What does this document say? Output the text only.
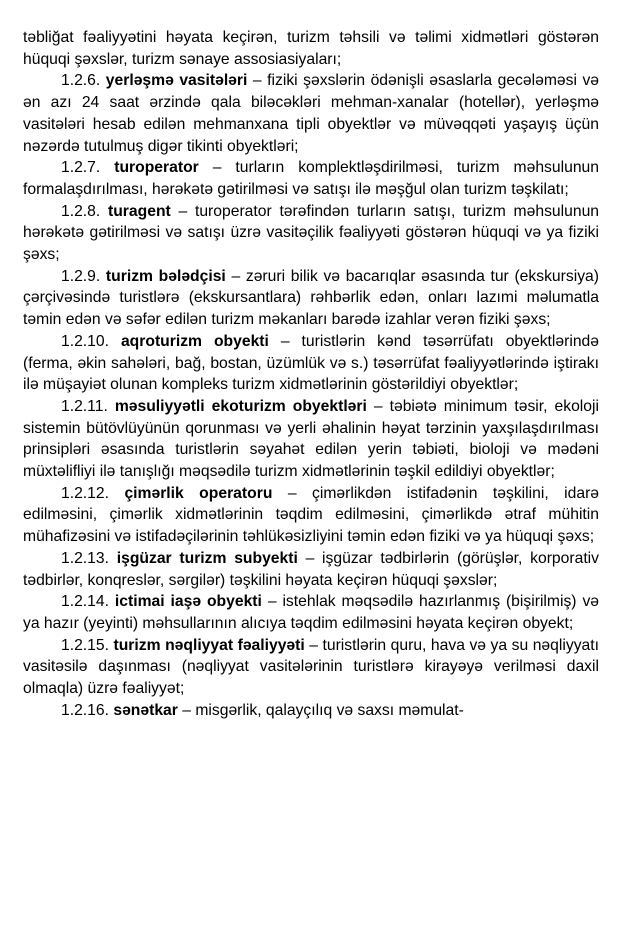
təbliğat fəaliyyətini həyata keçirən, turizm təhsili və təlimi xidmətləri göstərən hüquqi şəxslər, turizm sənaye assosiasiyaları;

1.2.6. yerləşmə vasitələri – fiziki şəxslərin ödənişli əsaslarla gecələməsi və ən azı 24 saat ərzində qala biləcəkləri mehman-xanalar (hotellər), yerləşmə vasitələri hesab edilən mehmanxana tipli obyektlər və müvəqqəti yaşayış üçün nəzərdə tutulmuş digər tikinti obyektləri;

1.2.7. turoperator – turların komplektləşdirilməsi, turizm məhsulunun formalaşdırılması, hərəkətə gətirilməsi və satışı ilə məşğul olan turizm təşkilatı;

1.2.8. turagent – turoperator tərəfindən turların satışı, turizm məhsulunun hərəkətə gətirilməsi və satışı üzrə vasitəçilik fəaliyyəti göstərən hüquqi və ya fiziki şəxs;

1.2.9. turizm bələdçisi – zəruri bilik və bacarıqlar əsasında tur (ekskursiya) çərçivəsində turistlərə (ekskursantlara) rəhbərlik edən, onları lazımi məlumatla təmin edən və səfər edilən turizm məkanları barədə izahlar verən fiziki şəxs;

1.2.10. aqroturizm obyekti – turistlərin kənd təsərrüfatı obyektlərində (ferma, əkin sahələri, bağ, bostan, üzümlük və s.) təsərrüfat fəaliyyətlərində iştirakı ilə müşayiət olunan kompleks turizm xidmətlərinin göstərildiyi obyektlər;

1.2.11. məsuliyyətli ekoturizm obyektləri – təbiətə minimum təsir, ekoloji sistemin bütövlüyünün qorunması və yerli əhalinin həyat tərzinin yaxşılaşdırılması prinsipləri əsasında turistlərin səyahət edilən yerin təbiəti, bioloji və mədəni müxtəlifliyi ilə tanışlığı məqsədilə turizm xidmətlərinin təşkil edildiyi obyektlər;

1.2.12. çimərlik operatoru – çimərlikdən istifadənin təşkilini, idarə edilməsini, çimərlik xidmətlərinin təqdim edilməsini, çimərlikdə ətraf mühitin mühafizəsini və istifadəçilərinin təhlükəsizliyini təmin edən fiziki və ya hüquqi şəxs;

1.2.13. işgüzar turizm subyekti – işgüzar tədbirlərin (görüşlər, korporativ tədbirlər, konqreslər, sərgilər) təşkilini həyata keçirən hüquqi şəxslər;

1.2.14. ictimai iaşə obyekti – istehlak məqsədilə hazırlanmış (bişirilmiş) və ya hazır (yeyinti) məhsullarının alıcıya təqdim edilməsini həyata keçirən obyekt;

1.2.15. turizm nəqliyyat fəaliyyəti – turistlərin quru, hava və ya su nəqliyyatı vasitəsilə daşınması (nəqliyyat vasitələrinin turistlərə kirayəyə verilməsi daxil olmaqla) üzrə fəaliyyət;

1.2.16. sənətkar – misgərlik, qalayçılıq və saxsı məmulat-
